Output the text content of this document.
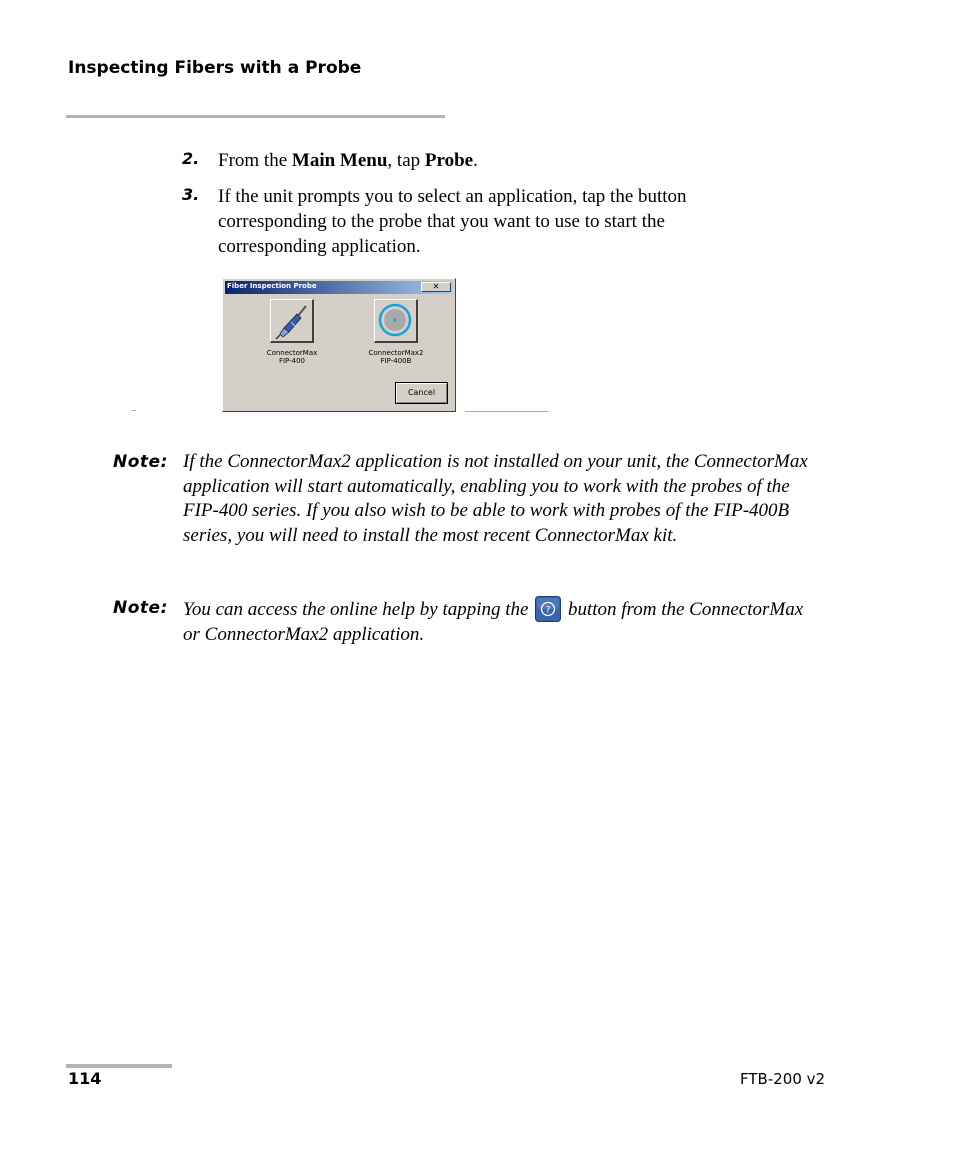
Inspecting Fibers with a Probe
2. From the Main Menu, tap Probe.
3. If the unit prompts you to select an application, tap the button corresponding to the probe that you want to use to start the corresponding application.
Fiber Inspection Probe	✕
ConnectorMax
FIP-400
ConnectorMax2
FIP-400B
Cancel
Note: If the ConnectorMax2 application is not installed on your unit, the ConnectorMax application will start automatically, enabling you to work with the probes of the FIP-400 series. If you also wish to be able to work with probes of the FIP-400B series, you will need to install the most recent ConnectorMax kit.
Note: You can access the online help by tapping the ? button from the ConnectorMax or ConnectorMax2 application.
114	FTB-200 v2
